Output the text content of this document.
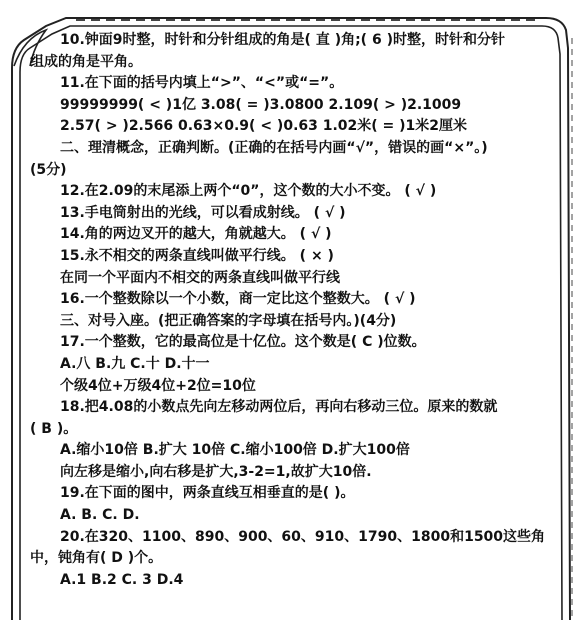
10.钟面9时整，时针和分针组成的角是( 直 )角;( 6 )时整，时针和分针
组成的角是平角。
11.在下面的括号内填上“>”、“<”或“=”。
99999999( < )1亿 3.08( = )3.0800 2.109( > )2.1009
2.57( > )2.566 0.63×0.9( < )0.63 1.02米( = )1米2厘米
二、理清概念，正确判断。(正确的在括号内画“√”，错误的画“×”。)
(5分)
12.在2.09的末尾添上两个“0”，这个数的大小不变。 ( √ )
13.手电筒射出的光线，可以看成射线。 ( √ )
14.角的两边叉开的越大，角就越大。 ( √ )
15.永不相交的两条直线叫做平行线。 ( × )
在同一个平面内不相交的两条直线叫做平行线
16.一个整数除以一个小数，商一定比这个整数大。 ( √ )
三、对号入座。(把正确答案的字母填在括号内。)(4分)
17.一个整数，它的最高位是十亿位。这个数是( C )位数。
A.八 B.九 C.十 D.十一
个级4位+万级4位+2位=10位
18.把4.08的小数点先向左移动两位后，再向右移动三位。原来的数就
( B )。
A.缩小10倍 B.扩大 10倍 C.缩小100倍 D.扩大100倍
向左移是缩小,向右移是扩大,3-2=1,故扩大10倍.
19.在下面的图中，两条直线互相垂直的是( )。
A. B. C. D.
20.在320、1100、890、900、60、910、1790、1800和1500这些角
中，钝角有( D )个。
A.1 B.2 C. 3 D.4
